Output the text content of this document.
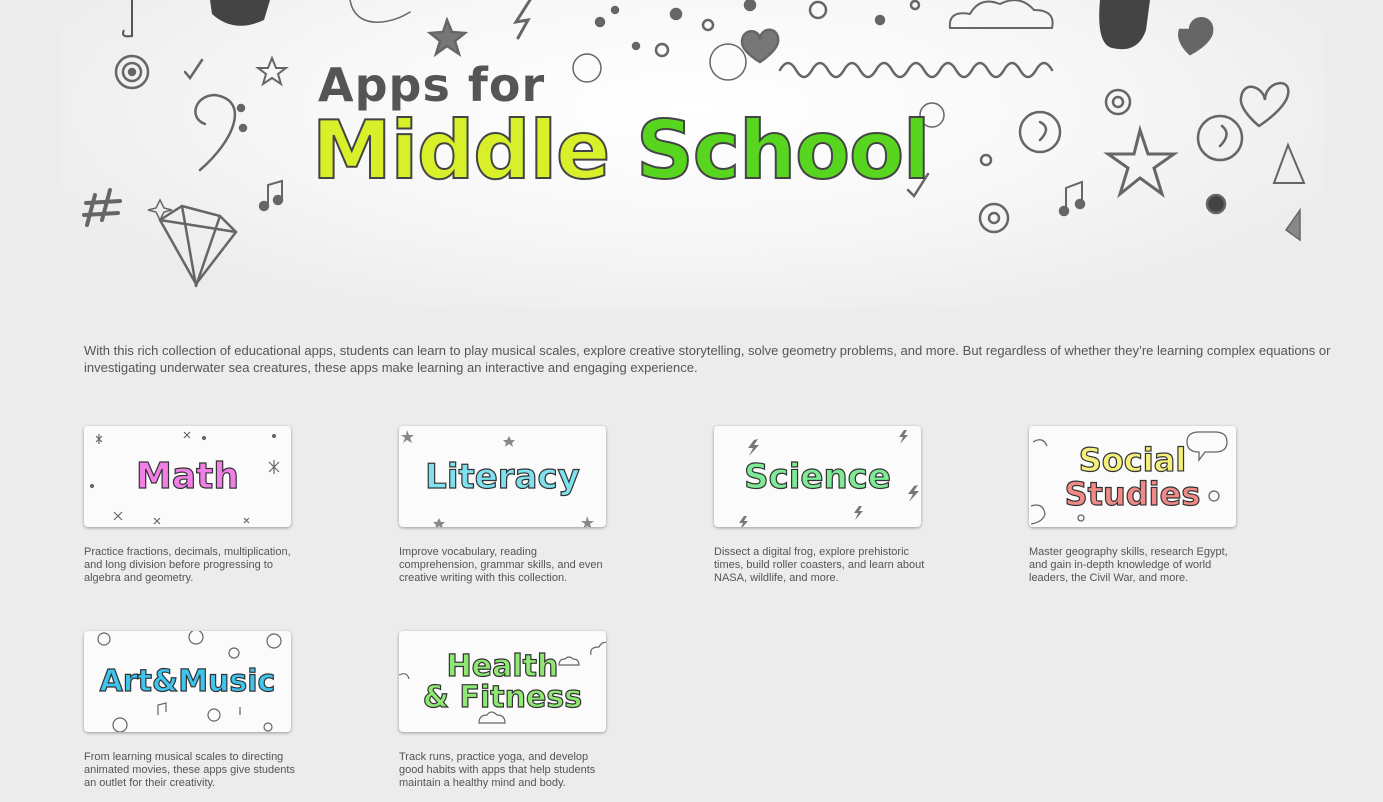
Apps for
Middle School

With this rich collection of educational apps, students can learn to play musical scales, explore creative storytelling, solve geometry problems, and more. But regardless of whether they’re learning complex equations or investigating underwater sea creatures, these apps make learning an interactive and engaging experience.

Math

Practice fractions, decimals, multiplication, and long division before progressing to algebra and geometry.

Literacy

Improve vocabulary, reading comprehension, grammar skills, and even creative writing with this collection.

Science

Dissect a digital frog, explore prehistoric times, build roller coasters, and learn about NASA, wildlife, and more.

Social
Studies

Master geography skills, research Egypt, and gain in-depth knowledge of world leaders, the Civil War, and more.

Art&Music

From learning musical scales to directing animated movies, these apps give students an outlet for their creativity.

Health
& Fitness

Track runs, practice yoga, and develop good habits with apps that help students maintain a healthy mind and body.
